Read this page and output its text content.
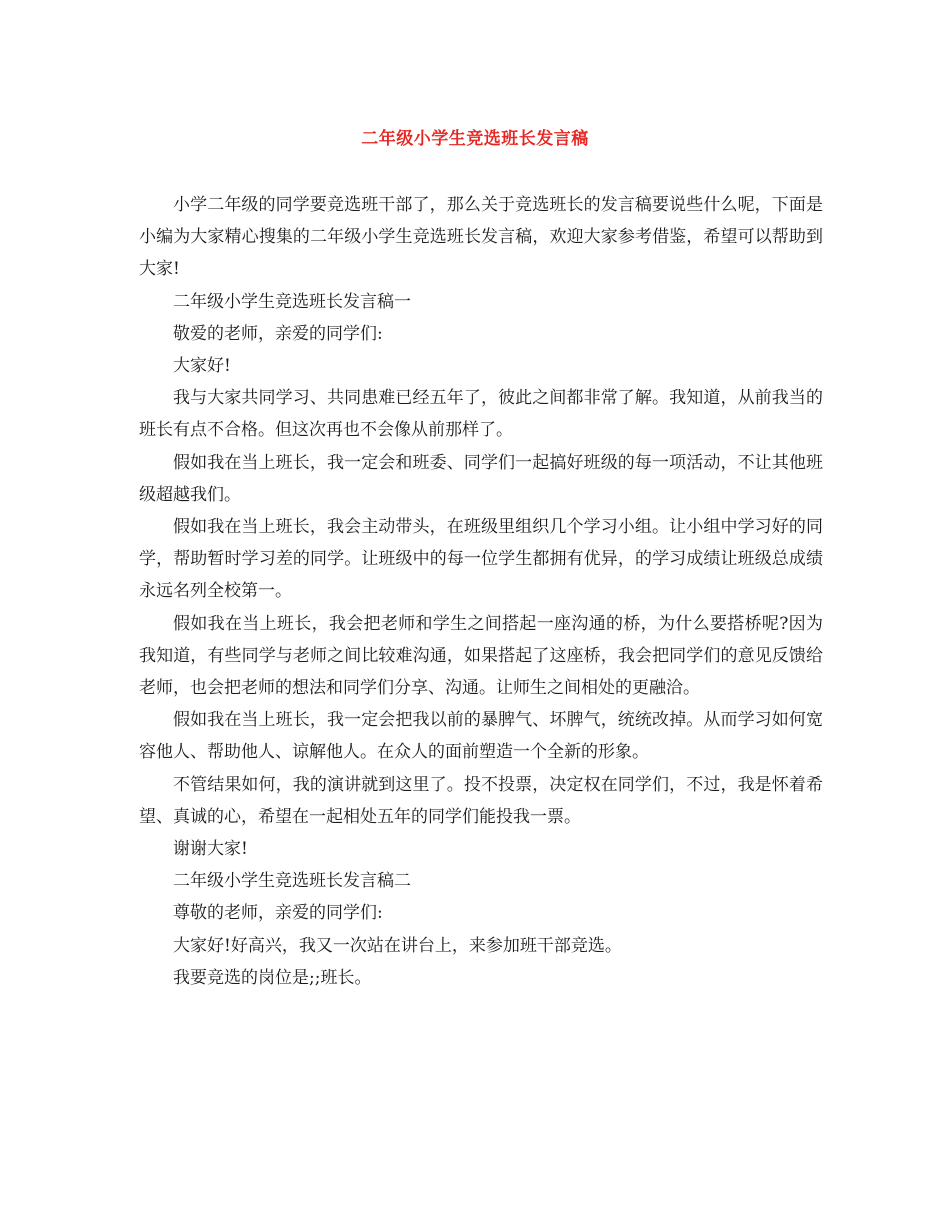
二年级小学生竞选班长发言稿

小学二年级的同学要竞选班干部了，那么关于竞选班长的发言稿要说些什么呢，下面是小编为大家精心搜集的二年级小学生竞选班长发言稿，欢迎大家参考借鉴，希望可以帮助到大家!

二年级小学生竞选班长发言稿一

敬爱的老师，亲爱的同学们:

大家好!

我与大家共同学习、共同患难已经五年了，彼此之间都非常了解。我知道，从前我当的班长有点不合格。但这次再也不会像从前那样了。

假如我在当上班长，我一定会和班委、同学们一起搞好班级的每一项活动，不让其他班级超越我们。

假如我在当上班长，我会主动带头，在班级里组织几个学习小组。让小组中学习好的同学，帮助暂时学习差的同学。让班级中的每一位学生都拥有优异，的学习成绩让班级总成绩永远名列全校第一。

假如我在当上班长，我会把老师和学生之间搭起一座沟通的桥，为什么要搭桥呢?因为我知道，有些同学与老师之间比较难沟通，如果搭起了这座桥，我会把同学们的意见反馈给老师，也会把老师的想法和同学们分享、沟通。让师生之间相处的更融洽。

假如我在当上班长，我一定会把我以前的暴脾气、坏脾气，统统改掉。从而学习如何宽容他人、帮助他人、谅解他人。在众人的面前塑造一个全新的形象。

不管结果如何，我的演讲就到这里了。投不投票，决定权在同学们，不过，我是怀着希望、真诚的心，希望在一起相处五年的同学们能投我一票。

谢谢大家!

二年级小学生竞选班长发言稿二

尊敬的老师，亲爱的同学们:

大家好!好高兴，我又一次站在讲台上，来参加班干部竞选。

我要竞选的岗位是;;班长。
